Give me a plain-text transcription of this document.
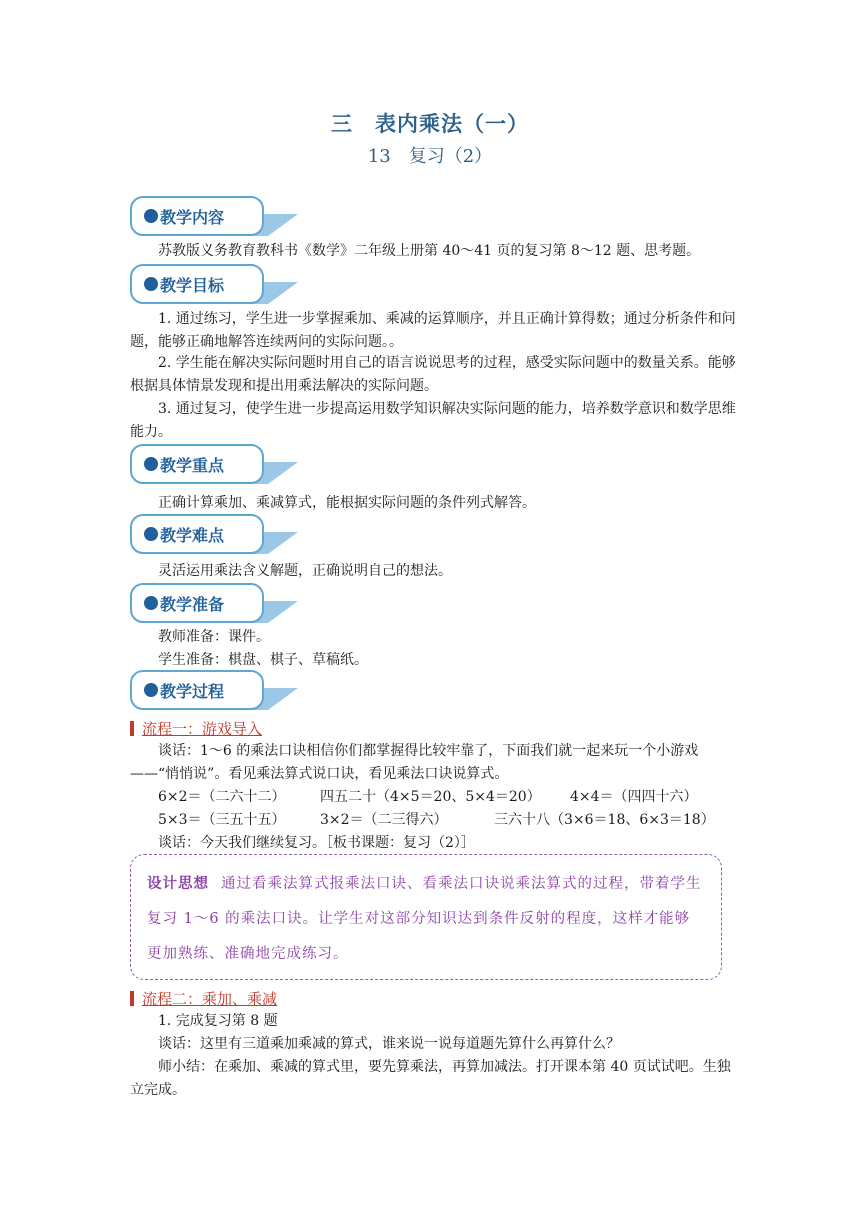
三　表内乘法（一）
13　复习（2）
教学内容
苏教版义务教育教科书《数学》二年级上册第 40～41 页的复习第 8～12 题、思考题。
教学目标
1. 通过练习，学生进一步掌握乘加、乘减的运算顺序，并且正确计算得数；通过分析条件和问题，能够正确地解答连续两问的实际问题。。
2. 学生能在解决实际问题时用自己的语言说说思考的过程，感受实际问题中的数量关系。能够根据具体情景发现和提出用乘法解决的实际问题。
3. 通过复习，使学生进一步提高运用数学知识解决实际问题的能力，培养数学意识和数学思维能力。
教学重点
正确计算乘加、乘减算式，能根据实际问题的条件列式解答。
教学难点
灵活运用乘法含义解题，正确说明自己的想法。
教学准备
教师准备：课件。
学生准备：棋盘、棋子、草稿纸。
教学过程
流程一：游戏导入
谈话：1～6 的乘法口诀相信你们都掌握得比较牢靠了，下面我们就一起来玩一个小游戏——“悄悄说”。看见乘法算式说口诀，看见乘法口诀说算式。
6×2＝（二六十二） 四五二十（4×5＝20、5×4＝20） 4×4＝（四四十六）
5×3＝（三五十五） 3×2＝（二三得六）	三六十八（3×6＝18、6×3＝18）
谈话：今天我们继续复习。［板书课题：复习（2）］
设计思想 通过看乘法算式报乘法口诀、看乘法口诀说乘法算式的过程，带着学生复习 1～6 的乘法口诀。让学生对这部分知识达到条件反射的程度，这样才能够更加熟练、准确地完成练习。
流程二：乘加、乘减
1. 完成复习第 8 题
谈话：这里有三道乘加乘减的算式，谁来说一说每道题先算什么再算什么？
师小结：在乘加、乘减的算式里，要先算乘法，再算加减法。打开课本第 40 页试试吧。生独立完成。
